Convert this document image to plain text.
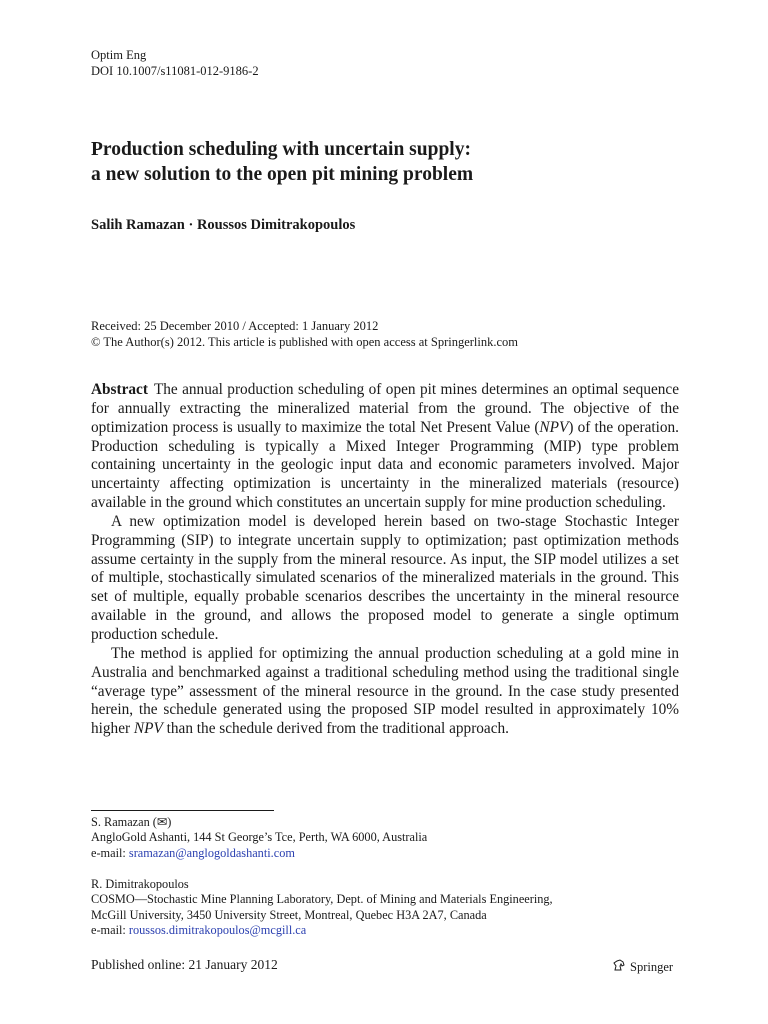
Optim Eng
DOI 10.1007/s11081-012-9186-2
Production scheduling with uncertain supply:
a new solution to the open pit mining problem
Salih Ramazan · Roussos Dimitrakopoulos
Received: 25 December 2010 / Accepted: 1 January 2012
© The Author(s) 2012. This article is published with open access at Springerlink.com

Abstract The annual production scheduling of open pit mines determines an optimal sequence for annually extracting the mineralized material from the ground. The objective of the optimization process is usually to maximize the total Net Present Value (NPV) of the operation. Production scheduling is typically a Mixed Integer Programming (MIP) type problem containing uncertainty in the geologic input data and economic parameters involved. Major uncertainty affecting optimization is uncertainty in the mineralized materials (resource) available in the ground which constitutes an uncertain supply for mine production scheduling.

A new optimization model is developed herein based on two-stage Stochastic Integer Programming (SIP) to integrate uncertain supply to optimization; past optimization methods assume certainty in the supply from the mineral resource. As input, the SIP model utilizes a set of multiple, stochastically simulated scenarios of the mineralized materials in the ground. This set of multiple, equally probable scenarios describes the uncertainty in the mineral resource available in the ground, and allows the proposed model to generate a single optimum production schedule.

The method is applied for optimizing the annual production scheduling at a gold mine in Australia and benchmarked against a traditional scheduling method using the traditional single “average type” assessment of the mineral resource in the ground. In the case study presented herein, the schedule generated using the proposed SIP model resulted in approximately 10% higher NPV than the schedule derived from the traditional approach.

S. Ramazan (✉)
AngloGold Ashanti, 144 St George’s Tce, Perth, WA 6000, Australia
e-mail: sramazan@anglogoldashanti.com
R. Dimitrakopoulos
COSMO—Stochastic Mine Planning Laboratory, Dept. of Mining and Materials Engineering,
McGill University, 3450 University Street, Montreal, Quebec H3A 2A7, Canada
e-mail: roussos.dimitrakopoulos@mcgill.ca
Published online: 21 January 2012	Springer
